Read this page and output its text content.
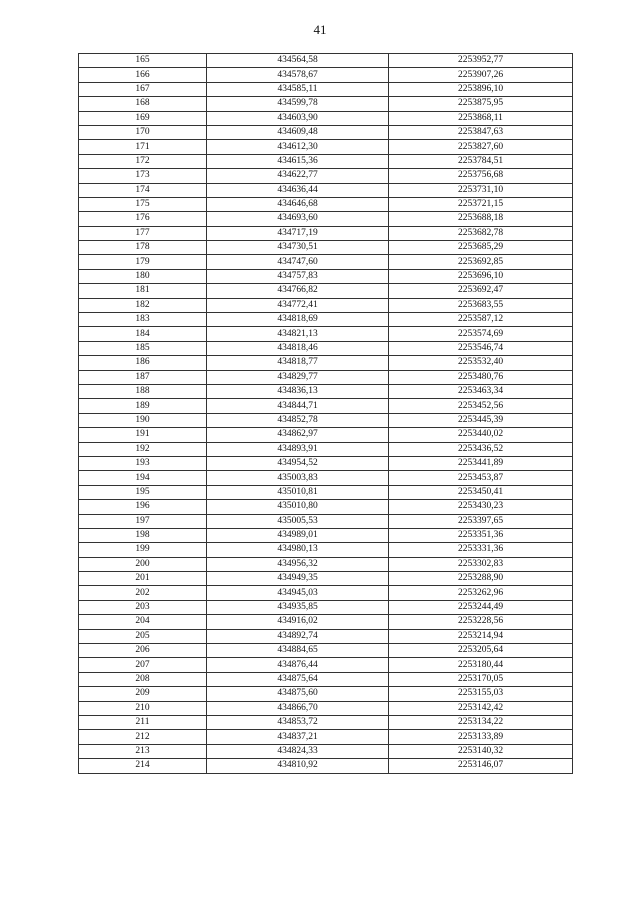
41
165	434564,58	2253952,77
166	434578,67	2253907,26
167	434585,11	2253896,10
168	434599,78	2253875,95
169	434603,90	2253868,11
170	434609,48	2253847,63
171	434612,30	2253827,60
172	434615,36	2253784,51
173	434622,77	2253756,68
174	434636,44	2253731,10
175	434646,68	2253721,15
176	434693,60	2253688,18
177	434717,19	2253682,78
178	434730,51	2253685,29
179	434747,60	2253692,85
180	434757,83	2253696,10
181	434766,82	2253692,47
182	434772,41	2253683,55
183	434818,69	2253587,12
184	434821,13	2253574,69
185	434818,46	2253546,74
186	434818,77	2253532,40
187	434829,77	2253480,76
188	434836,13	2253463,34
189	434844,71	2253452,56
190	434852,78	2253445,39
191	434862,97	2253440,02
192	434893,91	2253436,52
193	434954,52	2253441,89
194	435003,83	2253453,87
195	435010,81	2253450,41
196	435010,80	2253430,23
197	435005,53	2253397,65
198	434989,01	2253351,36
199	434980,13	2253331,36
200	434956,32	2253302,83
201	434949,35	2253288,90
202	434945,03	2253262,96
203	434935,85	2253244,49
204	434916,02	2253228,56
205	434892,74	2253214,94
206	434884,65	2253205,64
207	434876,44	2253180,44
208	434875,64	2253170,05
209	434875,60	2253155,03
210	434866,70	2253142,42
211	434853,72	2253134,22
212	434837,21	2253133,89
213	434824,33	2253140,32
214	434810,92	2253146,07
